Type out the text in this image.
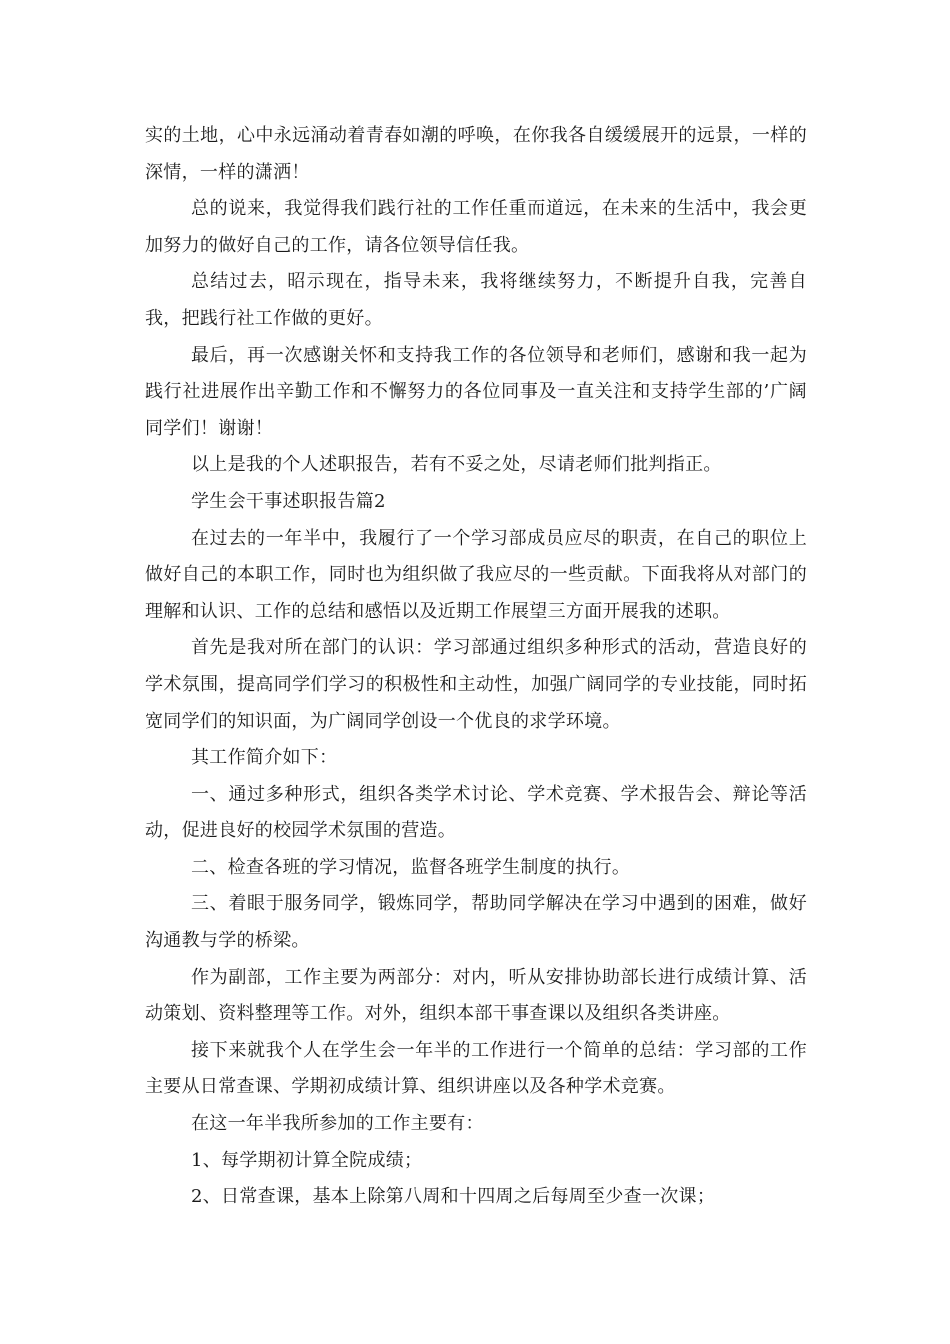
实的土地，心中永远涌动着青春如潮的呼唤，在你我各自缓缓展开的远景，一样的深情，一样的潇洒！

总的说来，我觉得我们践行社的工作任重而道远，在未来的生活中，我会更加努力的做好自己的工作，请各位领导信任我。

总结过去，昭示现在，指导未来，我将继续努力，不断提升自我，完善自我，把践行社工作做的更好。

最后，再一次感谢关怀和支持我工作的各位领导和老师们，感谢和我一起为践行社进展作出辛勤工作和不懈努力的各位同事及一直关注和支持学生部的’广阔同学们！谢谢！

以上是我的个人述职报告，若有不妥之处，尽请老师们批判指正。

学生会干事述职报告篇2

在过去的一年半中，我履行了一个学习部成员应尽的职责，在自己的职位上做好自己的本职工作，同时也为组织做了我应尽的一些贡献。下面我将从对部门的理解和认识、工作的总结和感悟以及近期工作展望三方面开展我的述职。

首先是我对所在部门的认识：学习部通过组织多种形式的活动，营造良好的学术氛围，提高同学们学习的积极性和主动性，加强广阔同学的专业技能，同时拓宽同学们的知识面，为广阔同学创设一个优良的求学环境。

其工作简介如下：

一、通过多种形式，组织各类学术讨论、学术竞赛、学术报告会、辩论等活动，促进良好的校园学术氛围的营造。

二、检查各班的学习情况，监督各班学生制度的执行。

三、着眼于服务同学，锻炼同学，帮助同学解决在学习中遇到的困难，做好沟通教与学的桥梁。

作为副部，工作主要为两部分：对内，听从安排协助部长进行成绩计算、活动策划、资料整理等工作。对外，组织本部干事查课以及组织各类讲座。

接下来就我个人在学生会一年半的工作进行一个简单的总结：学习部的工作主要从日常查课、学期初成绩计算、组织讲座以及各种学术竞赛。

在这一年半我所参加的工作主要有：

1、每学期初计算全院成绩；

2、日常查课，基本上除第八周和十四周之后每周至少查一次课；
